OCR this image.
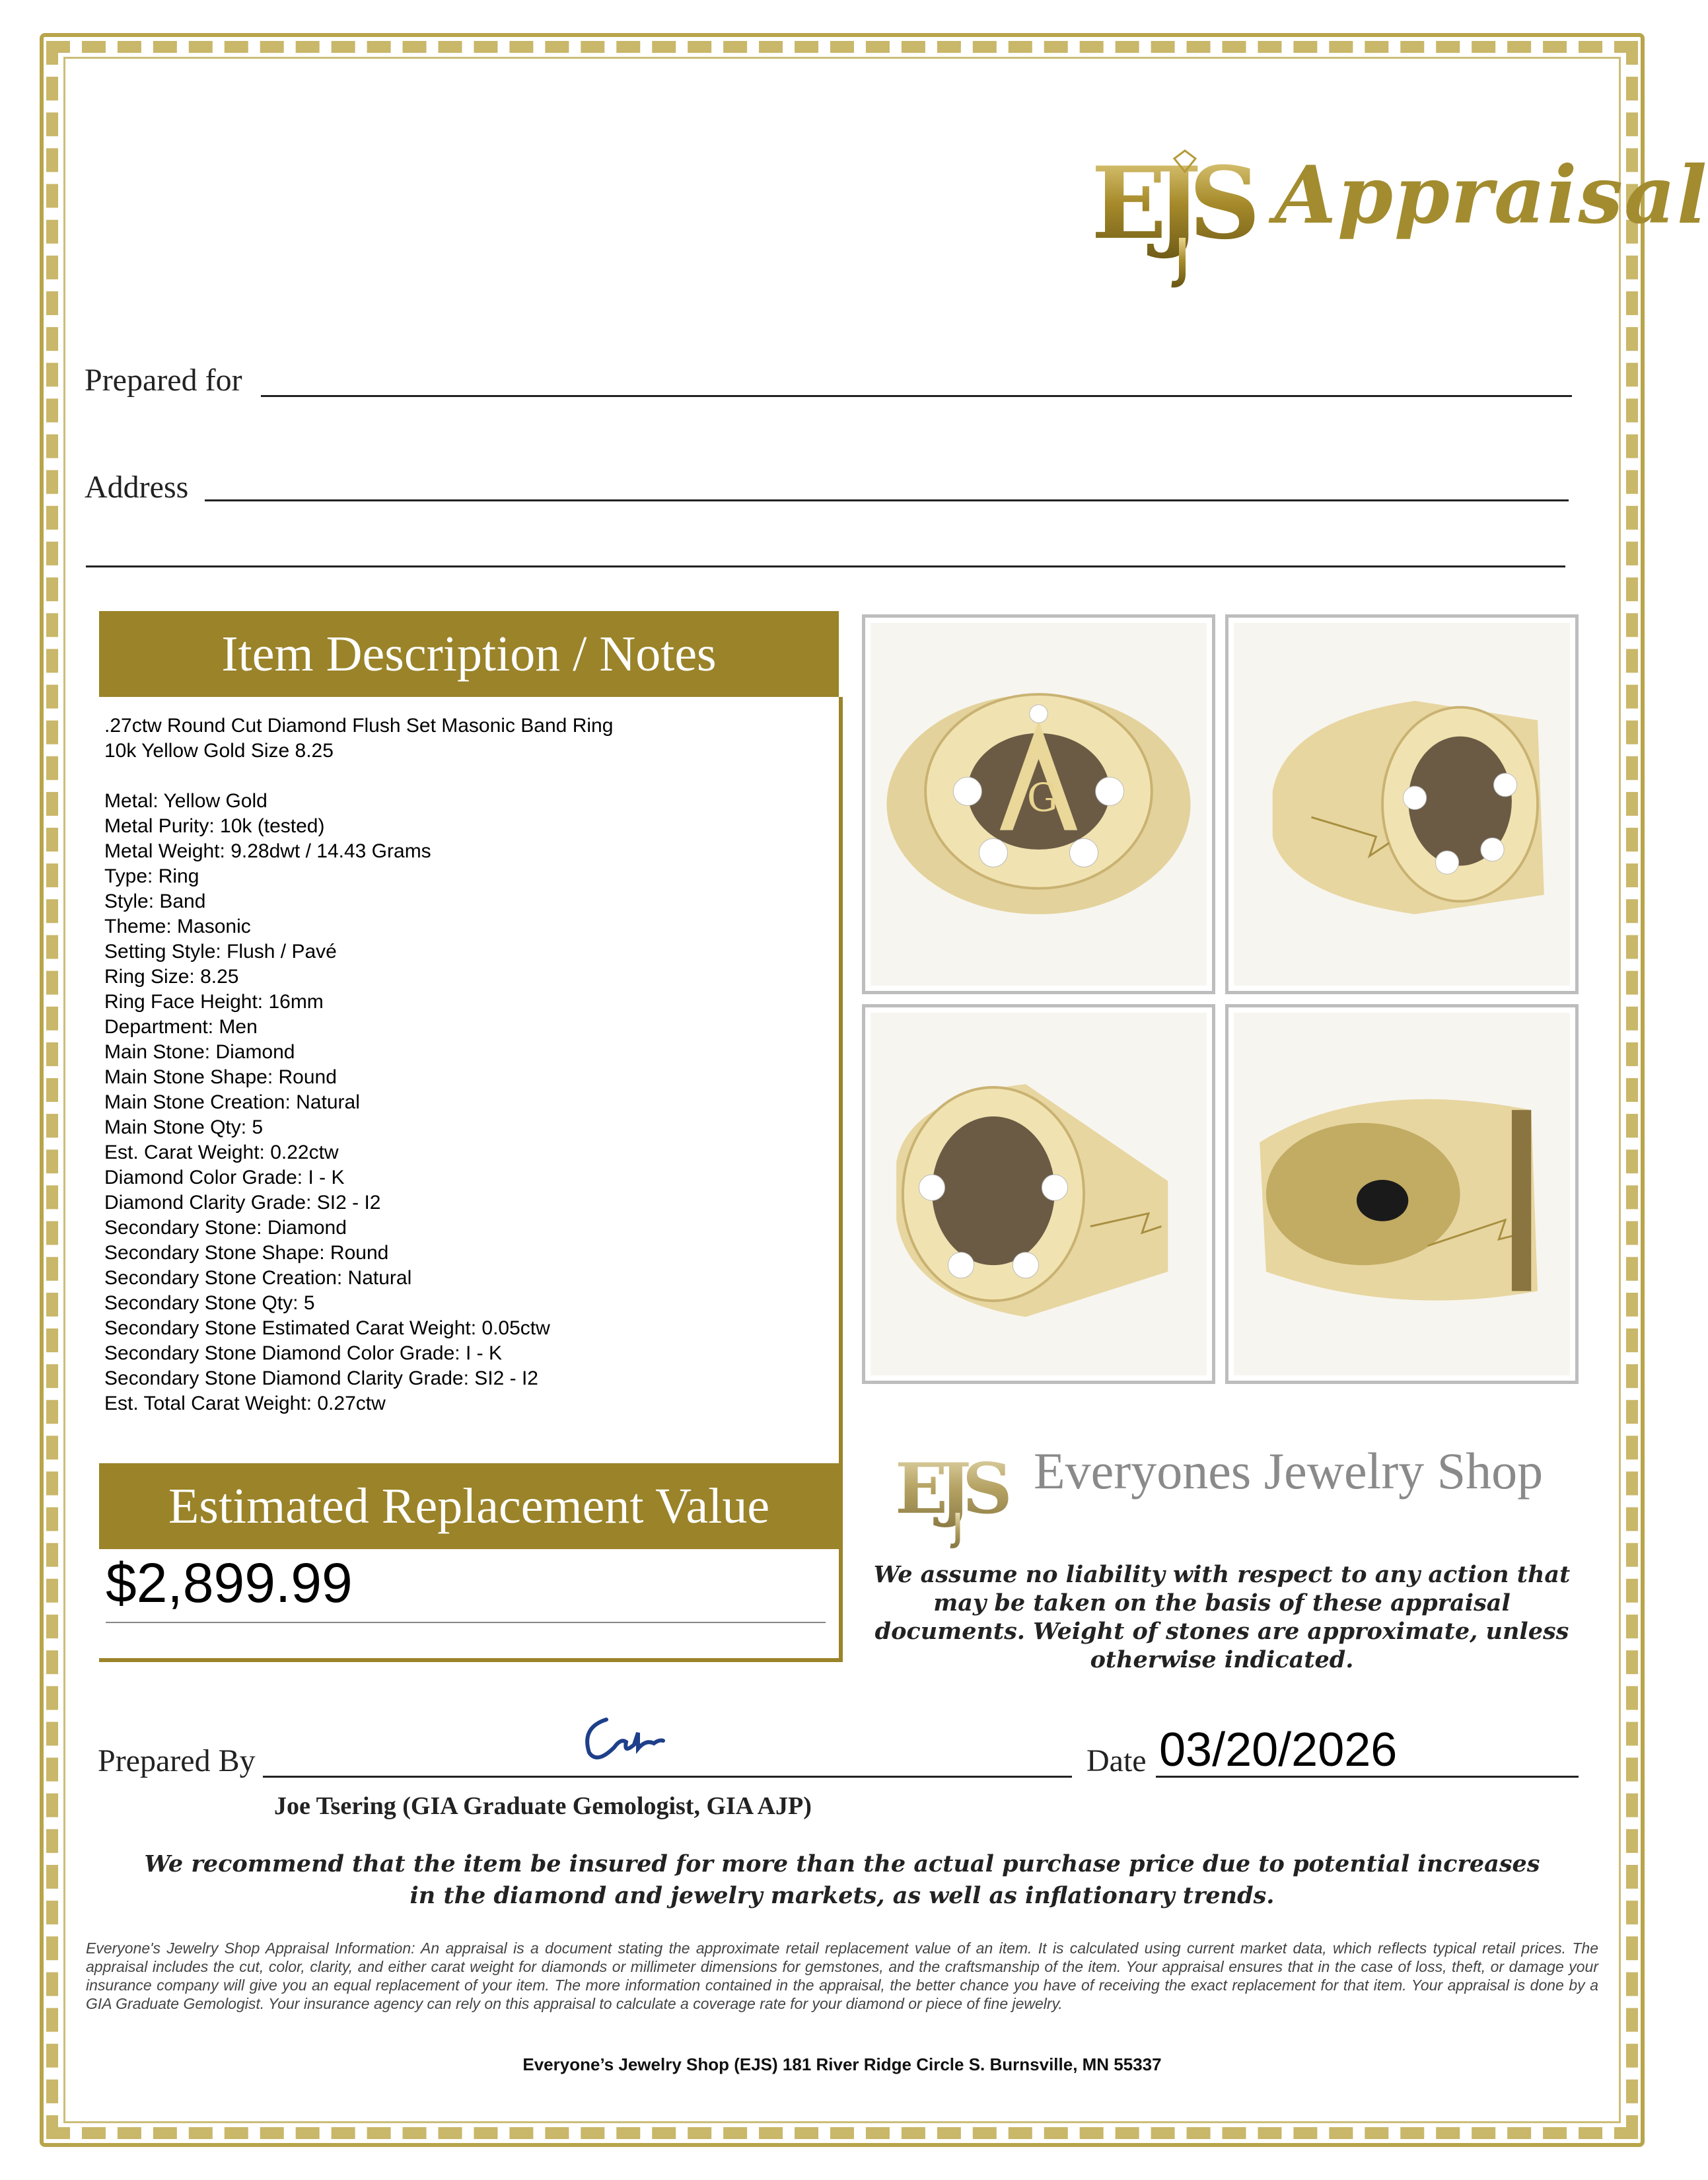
E
J
S Appraisal
Prepared for
Address
Item Description / Notes
.27ctw Round Cut Diamond Flush Set Masonic Band Ring
10k Yellow Gold Size 8.25

Metal: Yellow Gold
Metal Purity: 10k (tested)
Metal Weight: 9.28dwt / 14.43 Grams
Type: Ring
Style: Band
Theme: Masonic
Setting Style: Flush / Pavé
Ring Size: 8.25
Ring Face Height: 16mm
Department: Men
Main Stone: Diamond
Main Stone Shape: Round
Main Stone Creation: Natural
Main Stone Qty: 5
Est. Carat Weight: 0.22ctw
Diamond Color Grade: I - K
Diamond Clarity Grade: SI2 - I2
Secondary Stone: Diamond
Secondary Stone Shape: Round
Secondary Stone Creation: Natural
Secondary Stone Qty: 5
Secondary Stone Estimated Carat Weight: 0.05ctw
Secondary Stone Diamond Color Grade: I - K
Secondary Stone Diamond Clarity Grade: SI2 - I2
Est. Total Carat Weight: 0.27ctw
Estimated Replacement Value
$2,899.99
G
E
J
S Everyones Jewelry Shop
We assume no liability with respect to any action that may be taken on the basis of these appraisal documents. Weight of stones are approximate, unless otherwise indicated.
Prepared By	Date 03/20/2026
Joe Tsering (GIA Graduate Gemologist, GIA AJP)
We recommend that the item be insured for more than the actual purchase price due to potential increases in the diamond and jewelry markets, as well as inflationary trends.
Everyone's Jewelry Shop Appraisal Information: An appraisal is a document stating the approximate retail replacement value of an item. It is calculated using current market data, which reflects typical retail prices. The appraisal includes the cut, color, clarity, and either carat weight for diamonds or millimeter dimensions for gemstones, and the craftsmanship of the item. Your appraisal ensures that in the case of loss, theft, or damage your insurance company will give you an equal replacement of your item. The more information contained in the appraisal, the better chance you have of receiving the exact replacement for that item. Your appraisal is done by a GIA Graduate Gemologist. Your insurance agency can rely on this appraisal to calculate a coverage rate for your diamond or piece of fine jewelry.
Everyone’s Jewelry Shop (EJS) 181 River Ridge Circle S. Burnsville, MN 55337
